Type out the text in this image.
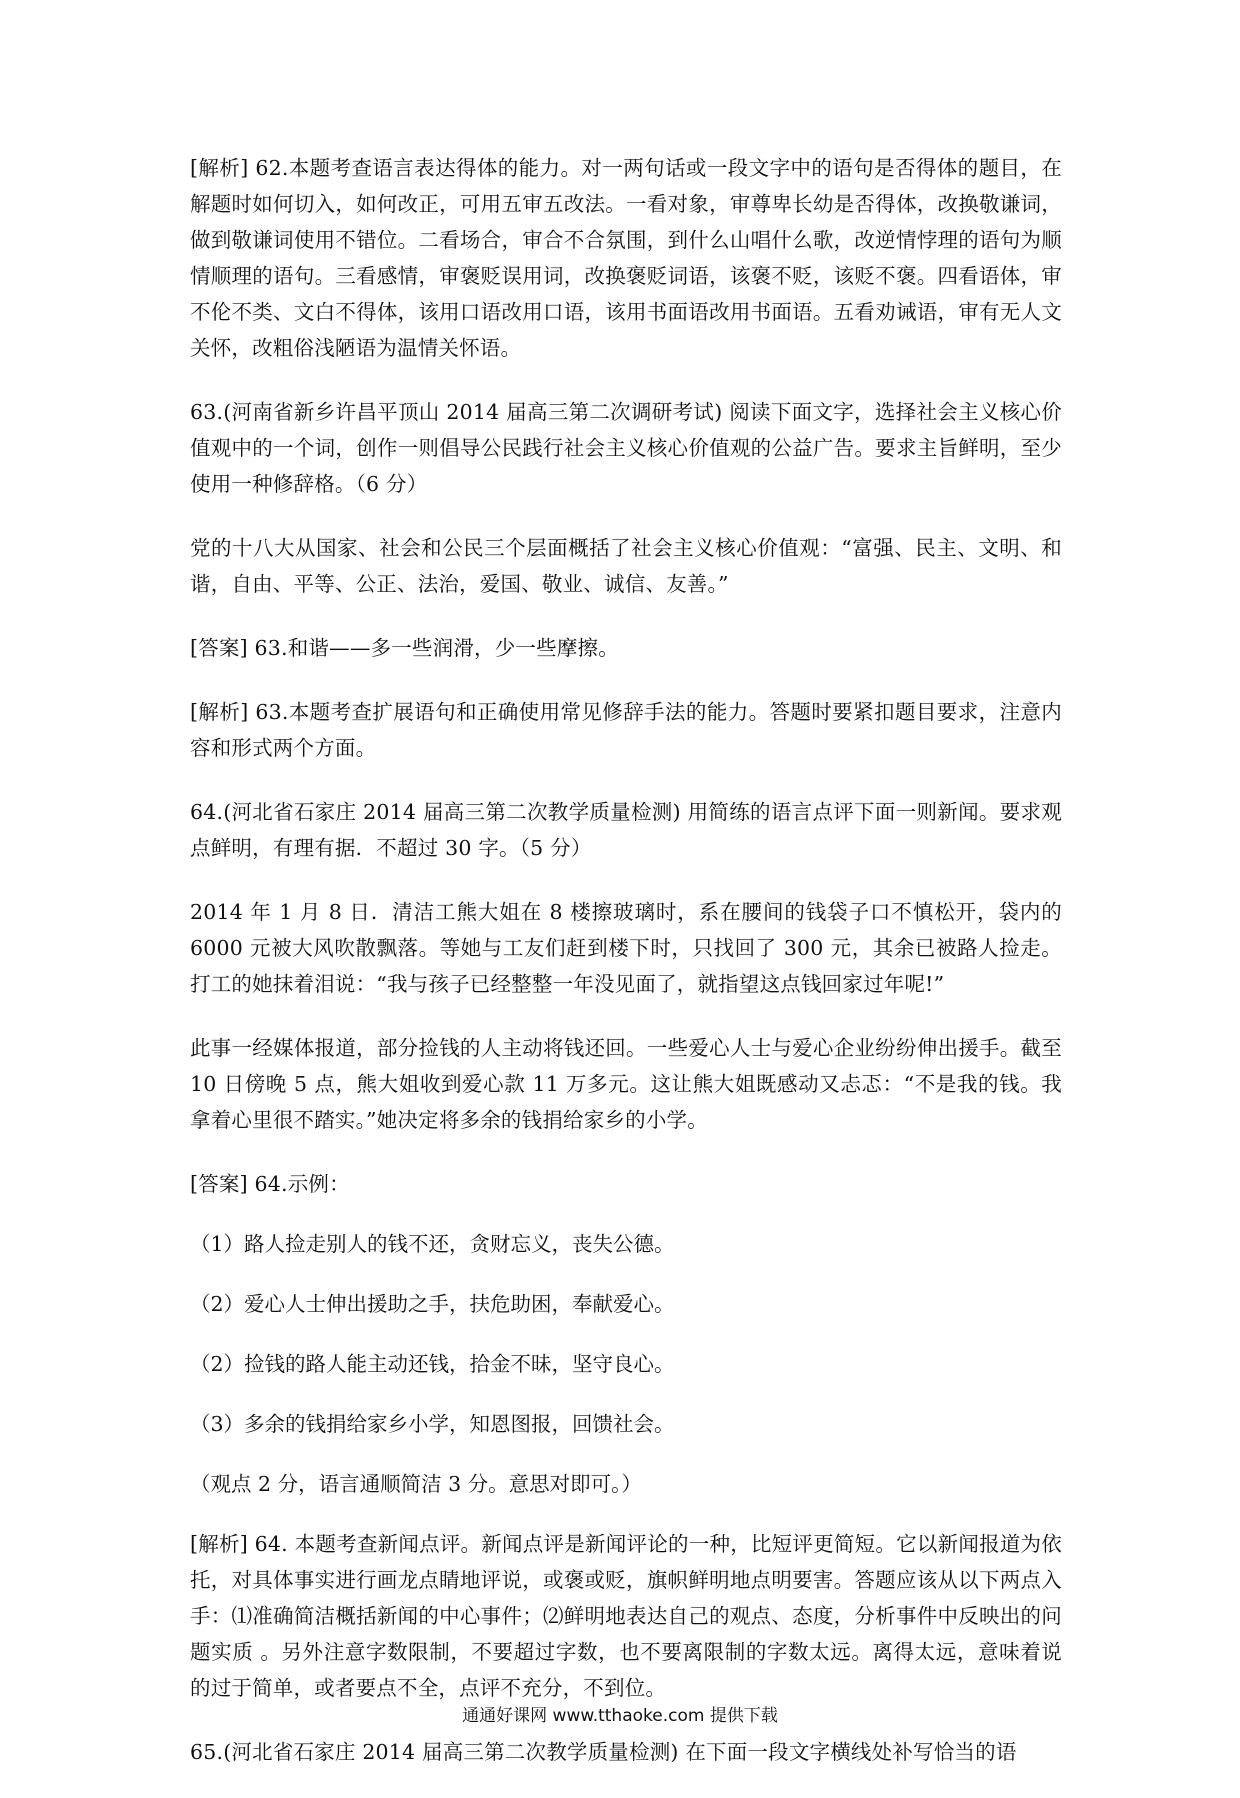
[解析] 62.本题考查语言表达得体的能力。对一两句话或一段文字中的语句是否得体的题目，在解题时如何切入，如何改正，可用五审五改法。一看对象，审尊卑长幼是否得体，改换敬谦词，做到敬谦词使用不错位。二看场合，审合不合氛围，到什么山唱什么歌，改逆情悖理的语句为顺情顺理的语句。三看感情，审褒贬误用词，改换褒贬词语，该褒不贬，该贬不褒。四看语体，审不伦不类、文白不得体，该用口语改用口语，该用书面语改用书面语。五看劝诫语，审有无人文关怀，改粗俗浅陋语为温情关怀语。

63.(河南省新乡许昌平顶山 2014 届高三第二次调研考试) 阅读下面文字，选择社会主义核心价值观中的一个词，创作一则倡导公民践行社会主义核心价值观的公益广告。要求主旨鲜明，至少使用一种修辞格。（6 分）

党的十八大从国家、社会和公民三个层面概括了社会主义核心价值观：“富强、民主、文明、和谐，自由、平等、公正、法治，爱国、敬业、诚信、友善。”

[答案] 63.和谐——多一些润滑，少一些摩擦。

[解析] 63.本题考查扩展语句和正确使用常见修辞手法的能力。答题时要紧扣题目要求，注意内容和形式两个方面。

64.(河北省石家庄 2014 届高三第二次教学质量检测) 用简练的语言点评下面一则新闻。要求观点鲜明，有理有据．不超过 30 字。（5 分）

2014 年 1 月 8 日．清洁工熊大姐在 8 楼擦玻璃时，系在腰间的钱袋子口不慎松开，袋内的 6000 元被大风吹散飘落。等她与工友们赶到楼下时，只找回了 300 元，其余已被路人捡走。打工的她抹着泪说：“我与孩子已经整整一年没见面了，就指望这点钱回家过年呢!”

此事一经媒体报道，部分捡钱的人主动将钱还回。一些爱心人士与爱心企业纷纷伸出援手。截至 10 日傍晚 5 点，熊大姐收到爱心款 11 万多元。这让熊大姐既感动又忐忑：“不是我的钱。我拿着心里很不踏实。”她决定将多余的钱捐给家乡的小学。

[答案] 64.示例：

（1）路人捡走别人的钱不还，贪财忘义，丧失公德。

（2）爱心人士伸出援助之手，扶危助困，奉献爱心。

（2）捡钱的路人能主动还钱，拾金不昧，坚守良心。

（3）多余的钱捐给家乡小学，知恩图报，回馈社会。

（观点 2 分，语言通顺简洁 3 分。意思对即可。）

[解析] 64. 本题考查新闻点评。新闻点评是新闻评论的一种，比短评更简短。它以新闻报道为依托，对具体事实进行画龙点睛地评说，或褒或贬，旗帜鲜明地点明要害。答题应该从以下两点入手：⑴准确简洁概括新闻的中心事件；⑵鲜明地表达自己的观点、态度，分析事件中反映出的问题实质 。另外注意字数限制，不要超过字数，也不要离限制的字数太远。离得太远，意味着说的过于简单，或者要点不全，点评不充分，不到位。

65.(河北省石家庄 2014 届高三第二次教学质量检测) 在下面一段文字横线处补写恰当的语

通通好课网 www.tthaoke.com 提供下载
